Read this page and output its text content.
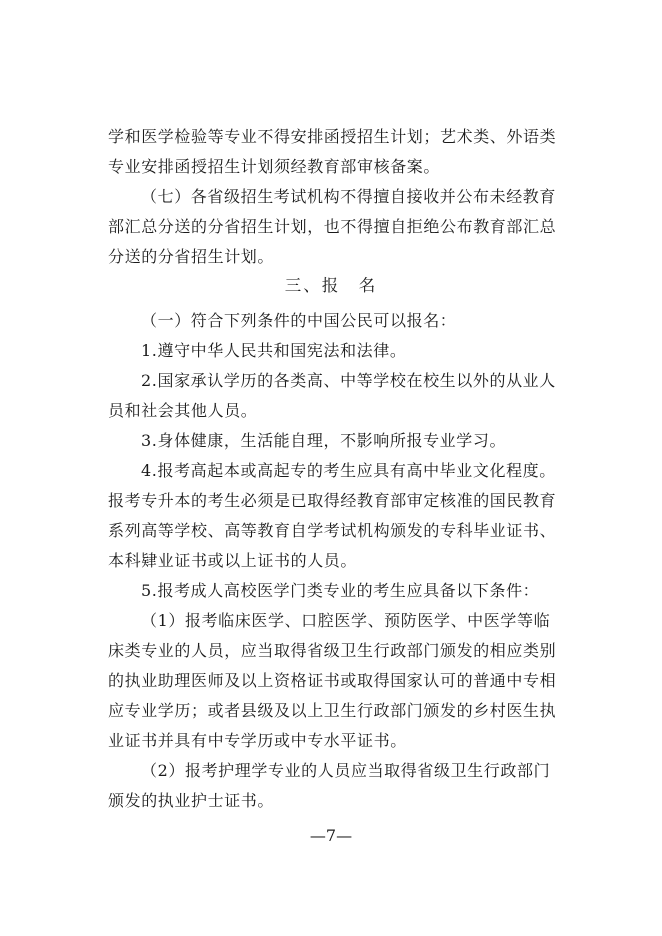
学和医学检验等专业不得安排函授招生计划；艺术类、外语类专业安排函授招生计划须经教育部审核备案。

（七）各省级招生考试机构不得擅自接收并公布未经教育部汇总分送的分省招生计划，也不得擅自拒绝公布教育部汇总分送的分省招生计划。

三、报　名

（一）符合下列条件的中国公民可以报名：

1.遵守中华人民共和国宪法和法律。

2.国家承认学历的各类高、中等学校在校生以外的从业人员和社会其他人员。

3.身体健康，生活能自理，不影响所报专业学习。

4.报考高起本或高起专的考生应具有高中毕业文化程度。报考专升本的考生必须是已取得经教育部审定核准的国民教育系列高等学校、高等教育自学考试机构颁发的专科毕业证书、本科肄业证书或以上证书的人员。

5.报考成人高校医学门类专业的考生应具备以下条件：

（1）报考临床医学、口腔医学、预防医学、中医学等临床类专业的人员，应当取得省级卫生行政部门颁发的相应类别的执业助理医师及以上资格证书或取得国家认可的普通中专相应专业学历；或者县级及以上卫生行政部门颁发的乡村医生执业证书并具有中专学历或中专水平证书。

（2）报考护理学专业的人员应当取得省级卫生行政部门颁发的执业护士证书。

—7—
